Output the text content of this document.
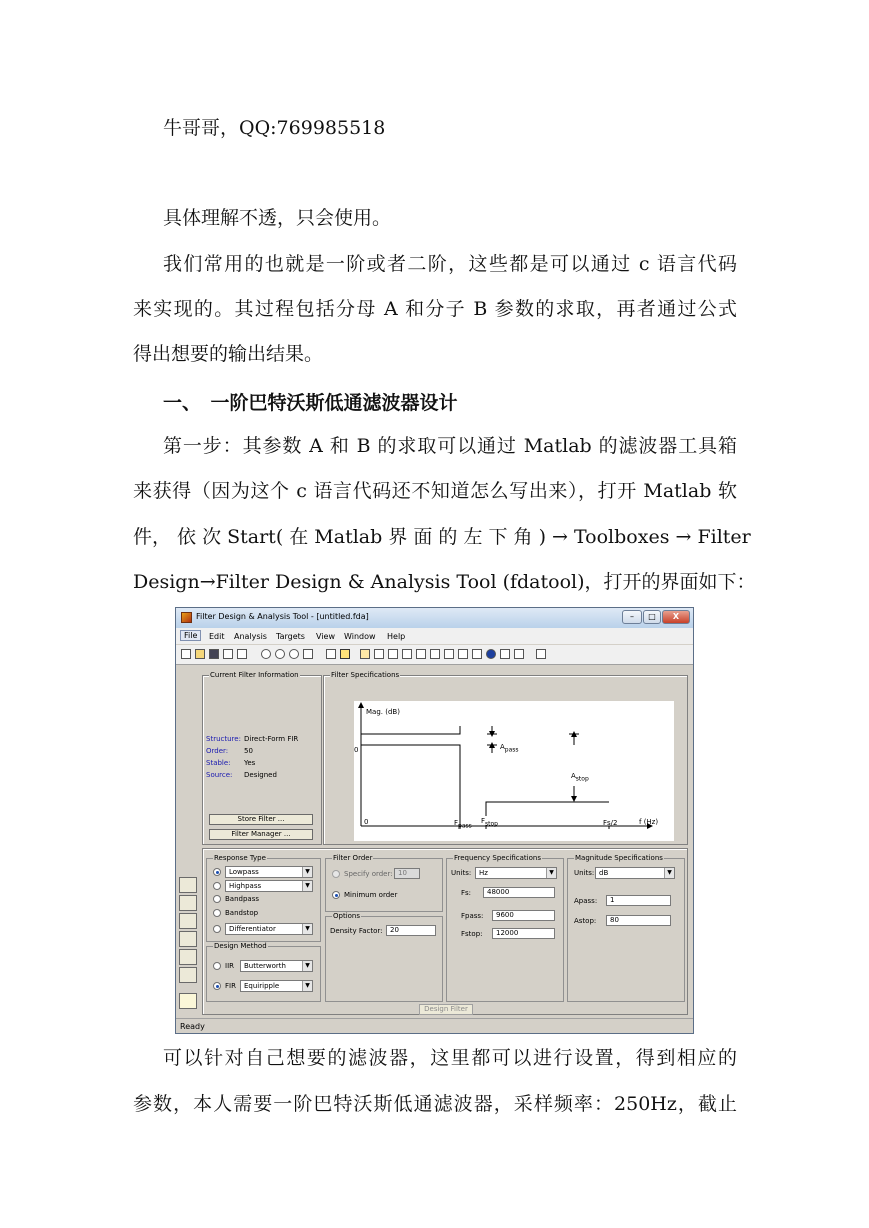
牛哥哥，QQ:769985518
具体理解不透，只会使用。
我们常用的也就是一阶或者二阶，这些都是可以通过 c 语言代码
来实现的。其过程包括分母 A 和分子 B 参数的求取，再者通过公式
得出想要的输出结果。
一、　一阶巴特沃斯低通滤波器设计
第一步：其参数 A 和 B 的求取可以通过 Matlab 的滤波器工具箱
来获得（因为这个 c 语言代码还不知道怎么写出来），打开 Matlab 软
件， 依 次 Start( 在 Matlab 界 面 的 左 下 角 ) → Toolboxes → Filter
Design→Filter Design & Analysis Tool (fdatool)，打开的界面如下：
Filter Design & Analysis Tool - [untitled.fda]	–	□	X
File	Edit Analysis Targets View Window Help
Current Filter Information
Structure: Direct-Form FIR
Order: 50
Stable: Yes
Source: Designed
Store Filter ...
Filter Manager ...
Filter Specifications
Mag. (dB)
0
0	$F_{pass}$
$F_{stop}$	Fs/2	f (Hz)
$A_{pass}$
$A_{stop}$
Response Type
Lowpass	▼
Highpass	▼
Bandpass
Bandstop
Differentiator	▼
Design Method
IIR	Butterworth	▼
FIR	Equiripple	▼
Filter Order
Specify order: 10
Minimum order
Options
Density Factor:	20
Frequency Specifications
Units:	Hz	▼
Fs:	48000
Fpass:	9600
Fstop:	12000
Magnitude Specifications
Units: dB	▼
Apass:	1
Astop:	80
Design Filter
Ready
可以针对自己想要的滤波器，这里都可以进行设置，得到相应的
参数，本人需要一阶巴特沃斯低通滤波器，采样频率：250Hz，截止
